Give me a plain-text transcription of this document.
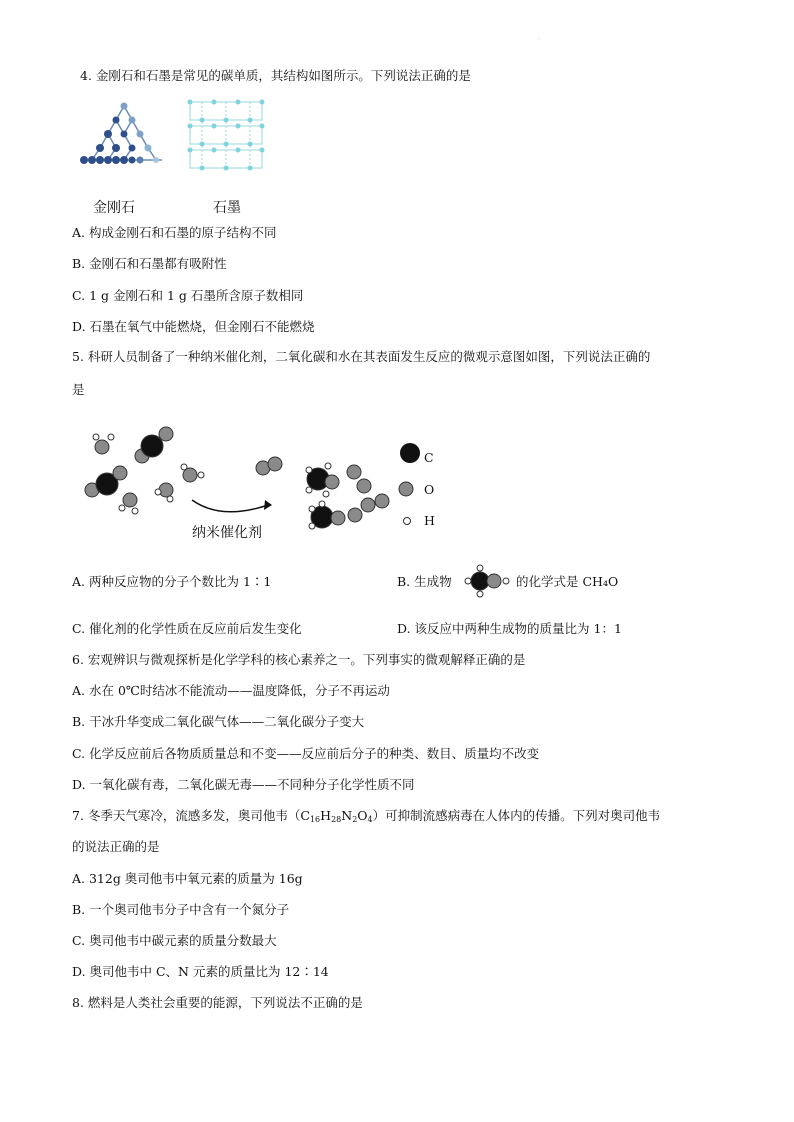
.
4. 金刚石和石墨是常见的碳单质，其结构如图所示。下列说法正确的是
金刚石	石墨
A. 构成金刚石和石墨的原子结构不同
B. 金刚石和石墨都有吸附性
C. 1 g 金刚石和 1 g 石墨所含原子数相同
D. 石墨在氧气中能燃烧，但金刚石不能燃烧
5. 科研人员制备了一种纳米催化剂，二氧化碳和水在其表面发生反应的微观示意图如图，下列说法正确的
是
纳米催化剂
C
O
H
A. 两种反应物的分子个数比为 1∶1	B. 生成物	的化学式是 CH₄O
C. 催化剂的化学性质在反应前后发生变化	D. 该反应中两种生成物的质量比为 1：1
6. 宏观辨识与微观探析是化学学科的核心素养之一。下列事实的微观解释正确的是
A. 水在 0℃时结冰不能流动——温度降低，分子不再运动
B. 干冰升华变成二氧化碳气体——二氧化碳分子变大
C. 化学反应前后各物质质量总和不变——反应前后分子的种类、数目、质量均不改变
D. 一氧化碳有毒，二氧化碳无毒——不同种分子化学性质不同
7. 冬季天气寒冷，流感多发，奥司他韦$(C_{16}H_{28}N_2O_4)$可抑制流感病毒在人体内的传播。下列对奥司他韦
的说法正确的是
A. 312g 奥司他韦中氧元素的质量为 16g
B. 一个奥司他韦分子中含有一个氮分子
C. 奥司他韦中碳元素的质量分数最大
D. 奥司他韦中 C、N 元素的质量比为 12∶14
8. 燃料是人类社会重要的能源，下列说法不正确的是
